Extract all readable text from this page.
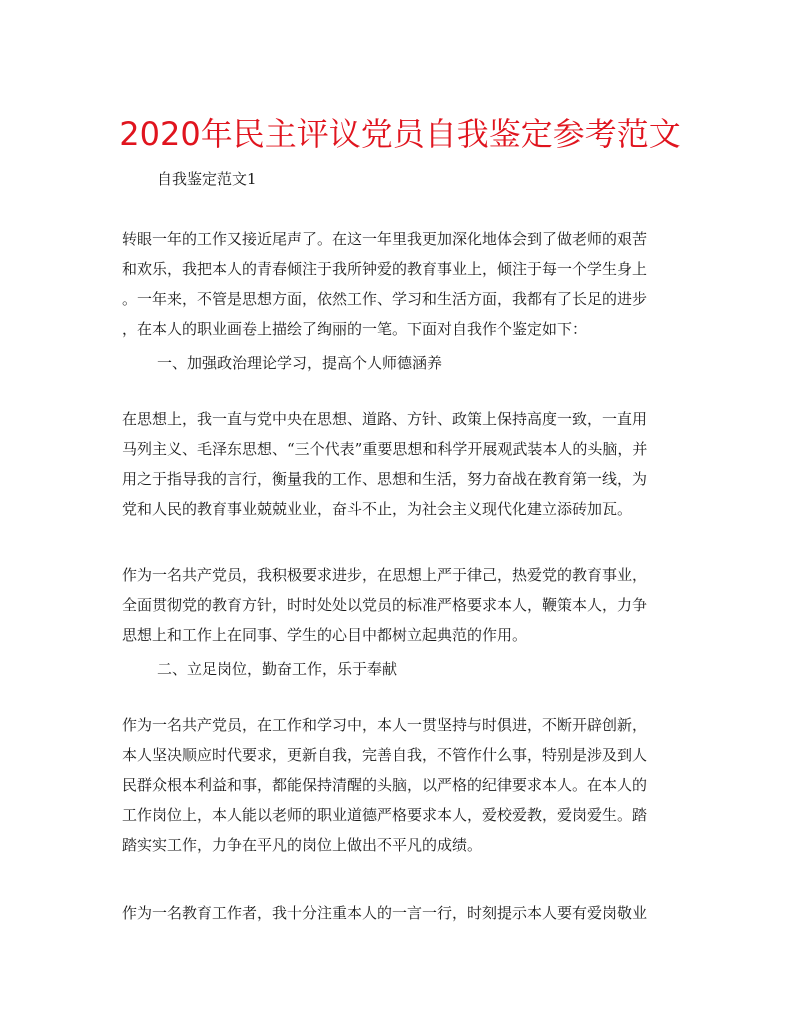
2020年民主评议党员自我鉴定参考范文

自我鉴定范文1

转眼一年的工作又接近尾声了。在这一年里我更加深化地体会到了做老师的艰苦
和欢乐，我把本人的青春倾注于我所钟爱的教育事业上，倾注于每一个学生身上
。一年来，不管是思想方面，依然工作、学习和生活方面，我都有了长足的进步
，在本人的职业画卷上描绘了绚丽的一笔。下面对自我作个鉴定如下：

一、加强政治理论学习，提高个人师德涵养

在思想上，我一直与党中央在思想、道路、方针、政策上保持高度一致，一直用
马列主义、毛泽东思想、“三个代表”重要思想和科学开展观武装本人的头脑，并
用之于指导我的言行，衡量我的工作、思想和生活，努力奋战在教育第一线，为
党和人民的教育事业兢兢业业，奋斗不止，为社会主义现代化建立添砖加瓦。

作为一名共产党员，我积极要求进步，在思想上严于律己，热爱党的教育事业，
全面贯彻党的教育方针，时时处处以党员的标准严格要求本人，鞭策本人，力争
思想上和工作上在同事、学生的心目中都树立起典范的作用。

二、立足岗位，勤奋工作，乐于奉献

作为一名共产党员，在工作和学习中，本人一贯坚持与时俱进，不断开辟创新，
本人坚决顺应时代要求，更新自我，完善自我，不管作什么事，特别是涉及到人
民群众根本利益和事，都能保持清醒的头脑，以严格的纪律要求本人。在本人的
工作岗位上，本人能以老师的职业道德严格要求本人，爱校爱教，爱岗爱生。踏
踏实实工作，力争在平凡的岗位上做出不平凡的成绩。

作为一名教育工作者，我十分注重本人的一言一行，时刻提示本人要有爱岗敬业
